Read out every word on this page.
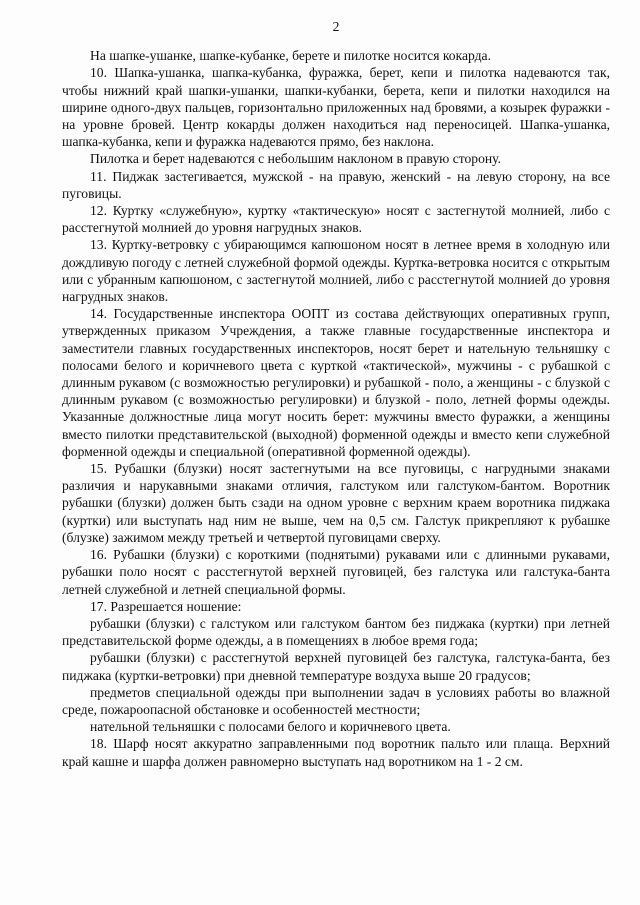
2

На шапке-ушанке, шапке-кубанке, берете и пилотке носится кокарда.

10. Шапка-ушанка, шапка-кубанка, фуражка, берет, кепи и пилотка надеваются так, чтобы нижний край шапки-ушанки, шапки-кубанки, берета, кепи и пилотки находился на ширине одного-двух пальцев, горизонтально приложенных над бровями, а козырек фуражки - на уровне бровей. Центр кокарды должен находиться над переносицей. Шапка-ушанка, шапка-кубанка, кепи и фуражка надеваются прямо, без наклона.

Пилотка и берет надеваются с небольшим наклоном в правую сторону.

11. Пиджак застегивается, мужской - на правую, женский - на левую сторону, на все пуговицы.

12. Куртку «служебную», куртку «тактическую» носят с застегнутой молнией, либо с расстегнутой молнией до уровня нагрудных знаков.

13. Куртку-ветровку с убирающимся капюшоном носят в летнее время в холодную или дождливую погоду с летней служебной формой одежды. Куртка-ветровка носится с открытым или с убранным капюшоном, с застегнутой молнией, либо с расстегнутой молнией до уровня нагрудных знаков.

14. Государственные инспектора ООПТ из состава действующих оперативных групп, утвержденных приказом Учреждения, а также главные государственные инспектора и заместители главных государственных инспекторов, носят берет и нательную тельняшку с полосами белого и коричневого цвета с курткой «тактической», мужчины - с рубашкой с длинным рукавом (с возможностью регулировки) и рубашкой - поло, а женщины - с блузкой с длинным рукавом (с возможностью регулировки) и блузкой - поло, летней формы одежды. Указанные должностные лица могут носить берет: мужчины вместо фуражки, а женщины вместо пилотки представительской (выходной) форменной одежды и вместо кепи служебной форменной одежды и специальной (оперативной форменной одежды).

15. Рубашки (блузки) носят застегнутыми на все пуговицы, с нагрудными знаками различия и нарукавными знаками отличия, галстуком или галстуком-бантом. Воротник рубашки (блузки) должен быть сзади на одном уровне с верхним краем воротника пиджака (куртки) или выступать над ним не выше, чем на 0,5 см. Галстук прикрепляют к рубашке (блузке) зажимом между третьей и четвертой пуговицами сверху.

16. Рубашки (блузки) с короткими (поднятыми) рукавами или с длинными рукавами, рубашки поло носят с расстегнутой верхней пуговицей, без галстука или галстука-банта летней служебной и летней специальной формы.

17. Разрешается ношение:

рубашки (блузки) с галстуком или галстуком бантом без пиджака (куртки) при летней представительской форме одежды, а в помещениях в любое время года;

рубашки (блузки) с расстегнутой верхней пуговицей без галстука, галстука-банта, без пиджака (куртки-ветровки) при дневной температуре воздуха выше 20 градусов;

предметов специальной одежды при выполнении задач в условиях работы во влажной среде, пожароопасной обстановке и особенностей местности;

нательной тельняшки с полосами белого и коричневого цвета.

18. Шарф носят аккуратно заправленными под воротник пальто или плаща. Верхний край кашне и шарфа должен равномерно выступать над воротником на 1 - 2 см.
